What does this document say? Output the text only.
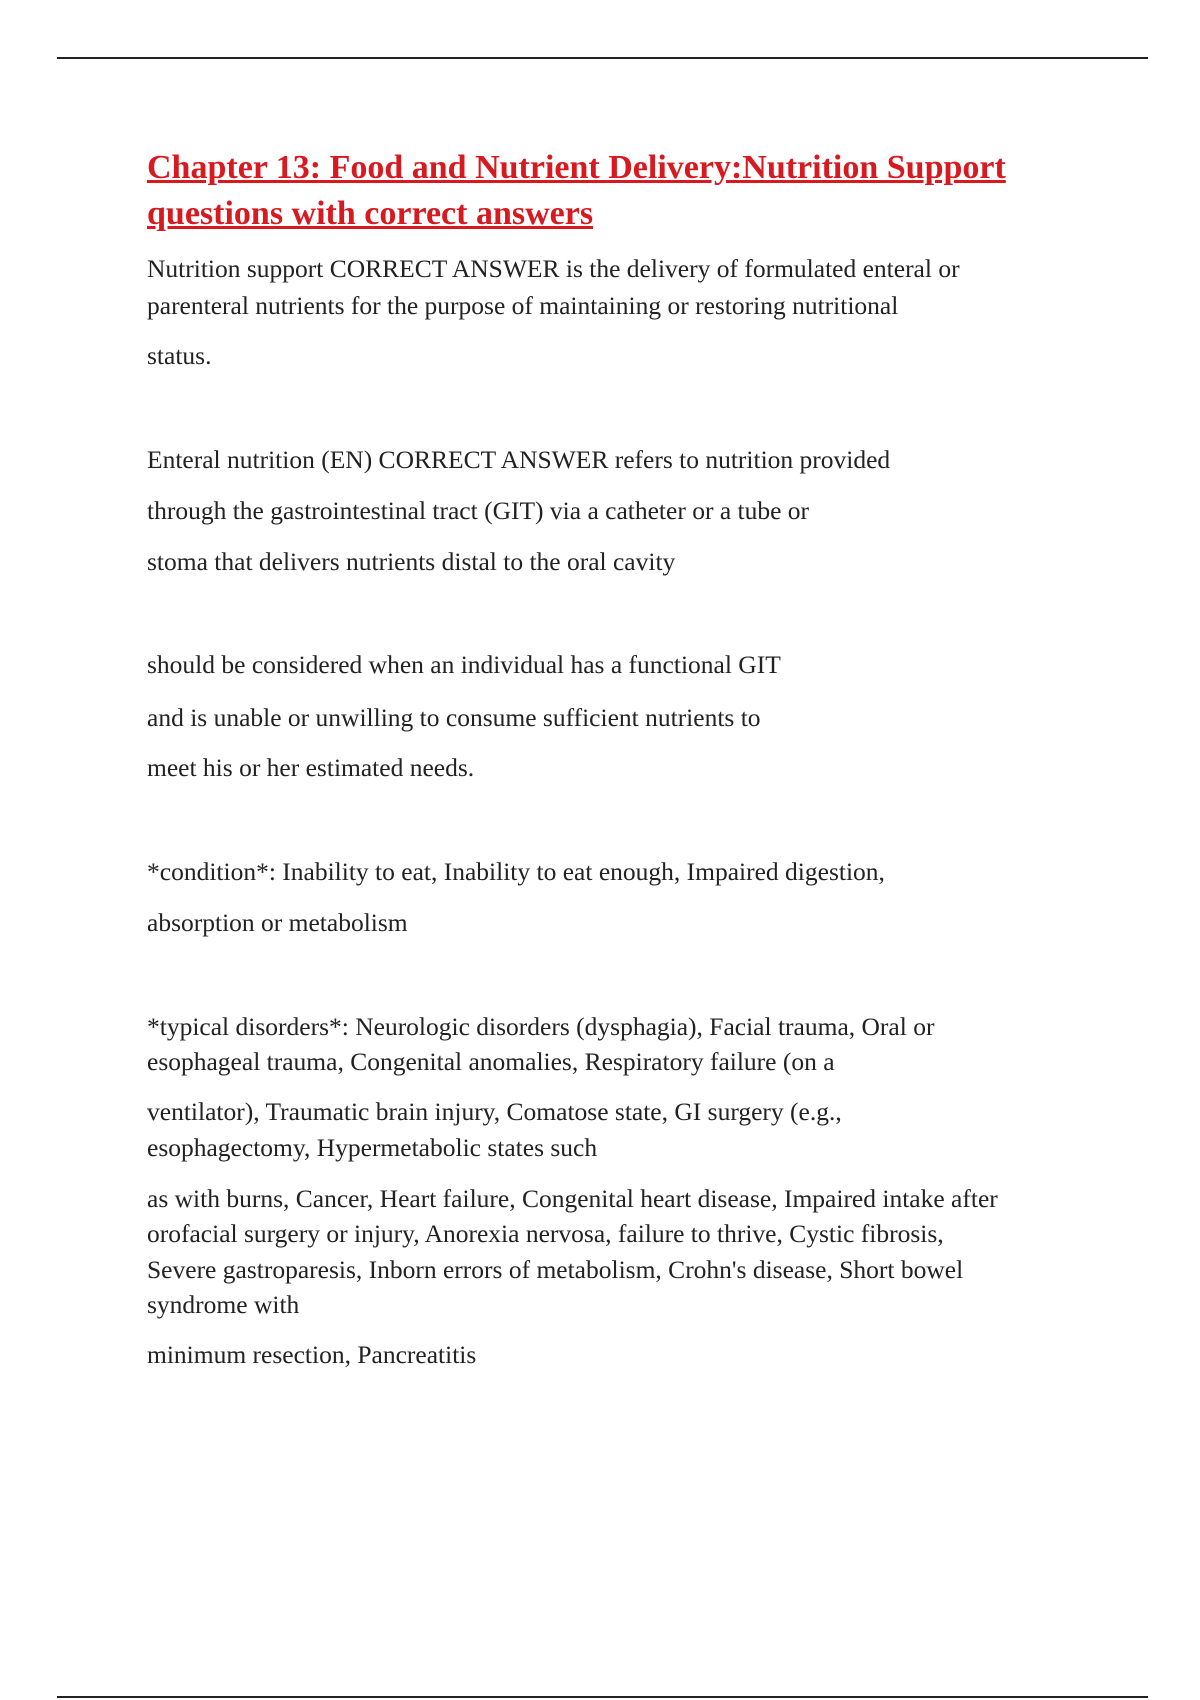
Chapter 13: Food and Nutrient Delivery:Nutrition Support
questions with correct answers
Nutrition support CORRECT ANSWER is the delivery of formulated enteral or
parenteral nutrients for the purpose of maintaining or restoring nutritional
status.
Enteral nutrition (EN) CORRECT ANSWER refers to nutrition provided
through the gastrointestinal tract (GIT) via a catheter or a tube or
stoma that delivers nutrients distal to the oral cavity
should be considered when an individual has a functional GIT
and is unable or unwilling to consume sufficient nutrients to
meet his or her estimated needs.
*condition*: Inability to eat, Inability to eat enough, Impaired digestion,
absorption or metabolism
*typical disorders*: Neurologic disorders (dysphagia), Facial trauma, Oral or
esophageal trauma, Congenital anomalies, Respiratory failure (on a
ventilator), Traumatic brain injury, Comatose state, GI surgery (e.g.,
esophagectomy, Hypermetabolic states such
as with burns, Cancer, Heart failure, Congenital heart disease, Impaired intake after
orofacial surgery or injury, Anorexia nervosa, failure to thrive, Cystic fibrosis,
Severe gastroparesis, Inborn errors of metabolism, Crohn's disease, Short bowel
syndrome with
minimum resection, Pancreatitis
